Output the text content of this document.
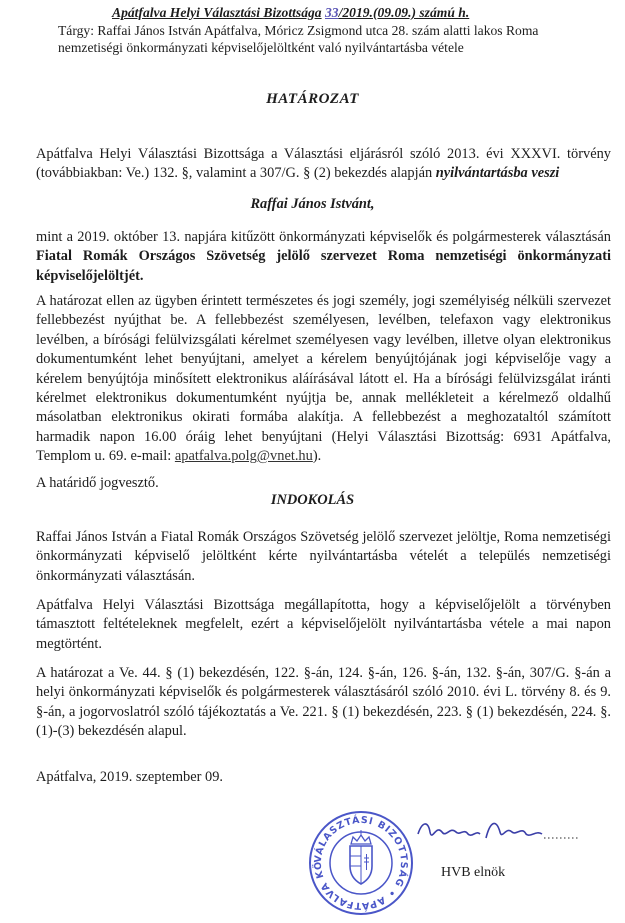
Apátfalva Helyi Választási Bizottsága 33/2019.(09.09.) számú h.
Tárgy: Raffai János István Apátfalva, Móricz Zsigmond utca 28. szám alatti lakos Roma nemzetiségi önkormányzati képviselőjelöltként való nyilvántartásba vétele
HATÁROZAT
Apátfalva Helyi Választási Bizottsága a Választási eljárásról szóló 2013. évi XXXVI. törvény (továbbiakban: Ve.) 132. §, valamint a 307/G. § (2) bekezdés alapján nyilvántartásba veszi
Raffai János Istvánt,
mint a 2019. október 13. napjára kitűzött önkormányzati képviselők és polgármesterek választásán Fiatal Romák Országos Szövetség jelölő szervezet Roma nemzetiségi önkormányzati képviselőjelöltjét.
A határozat ellen az ügyben érintett természetes és jogi személy, jogi személyiség nélküli szervezet fellebbezést nyújthat be. A fellebbezést személyesen, levélben, telefaxon vagy elektronikus levélben, a bírósági felülvizsgálati kérelmet személyesen vagy levélben, illetve olyan elektronikus dokumentumként lehet benyújtani, amelyet a kérelem benyújtójának jogi képviselője vagy a kérelem benyújtója minősített elektronikus aláírásával látott el. Ha a bírósági felülvizsgálat iránti kérelmet elektronikus dokumentumként nyújtja be, annak mellékleteit a kérelmező oldalhű másolatban elektronikus okirati formába alakítja. A fellebbezést a meghozataltól számított harmadik napon 16.00 óráig lehet benyújtani (Helyi Választási Bizottság: 6931 Apátfalva, Templom u. 69. e-mail: apatfalva.polg@vnet.hu).
A határidő jogvesztő.
INDOKOLÁS
Raffai János István a Fiatal Romák Országos Szövetség jelölő szervezet jelöltje, Roma nemzetiségi önkormányzati képviselő jelöltként kérte nyilvántartásba vételét a település nemzetiségi önkormányzati választásán.
Apátfalva Helyi Választási Bizottsága megállapította, hogy a képviselőjelölt a törvényben támasztott feltételeknek megfelelt, ezért a képviselőjelölt nyilvántartásba vétele a mai napon megtörtént.
A határozat a Ve. 44. § (1) bekezdésén, 122. §-án, 124. §-án, 126. §-án, 132. §-án, 307/G. §-án a helyi önkormányzati képviselők és polgármesterek választásáról szóló 2010. évi L. törvény 8. és 9. §-án, a jogorvoslatról szóló tájékoztatás a Ve. 221. § (1) bekezdésén, 223. § (1) bekezdésén, 224. §. (1)-(3) bekezdésén alapul.
Apátfalva, 2019. szeptember 09.
VÁLASZTÁSI BIZOTTSÁG • APÁTFALVA KÖ	HVB elnök
